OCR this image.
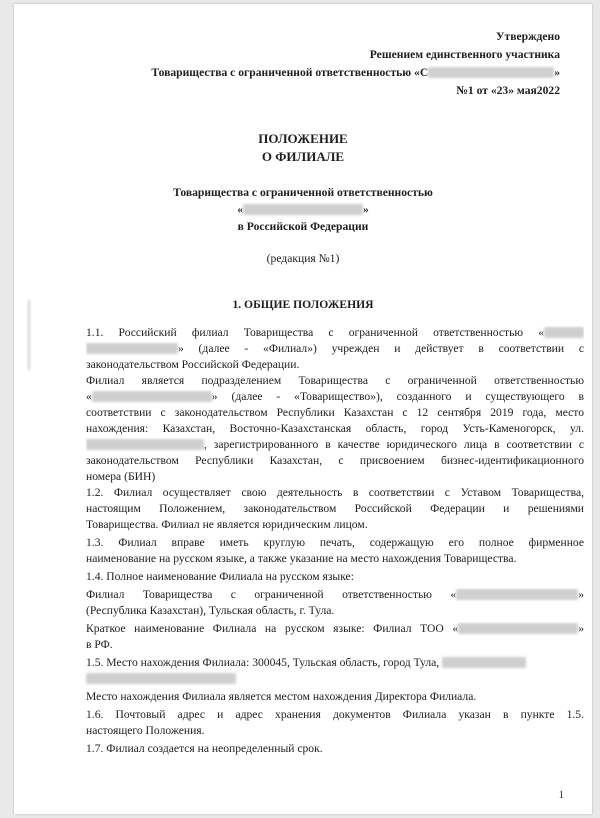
Утверждено
Решением единственного участника
Товарищества с ограниченной ответственностью «С	»
№1 от «23» мая2022
ПОЛОЖЕНИЕ
О ФИЛИАЛЕ
Товарищества с ограниченной ответственностью
«	»
в Российской Федерации
(редакция №1)
1. ОБЩИЕ ПОЛОЖЕНИЯ
1.1. Российский филиал Товарищества с ограниченной ответственностью «
» (далее - «Филиал») учрежден и действует в соответствии с
законодательством Российской Федерации.
Филиал является подразделением Товарищества с ограниченной ответственностью
«	» (далее - «Товарищество»), созданного и существующего в
соответствии с законодательством Республики Казахстан с 12 сентября 2019 года, место
нахождения: Казахстан, Восточно-Казахстанская область, город Усть-Каменогорск, ул.
, зарегистрированного в качестве юридического лица в соответствии с
законодательством Республики Казахстан, с присвоением бизнес-идентификационного
номера (БИН)
1.2. Филиал осуществляет свою деятельность в соответствии с Уставом Товарищества,
настоящим Положением, законодательством Российской Федерации и решениями
Товарищества. Филиал не является юридическим лицом.
1.3. Филиал вправе иметь круглую печать, содержащую его полное фирменное
наименование на русском языке, а также указание на место нахождения Товарищества.
1.4. Полное наименование Филиала на русском языке:
Филиал Товарищества с ограниченной ответственностью «	»
(Республика Казахстан), Тульская область, г. Тула.
Краткое наименование Филиала на русском языке: Филиал ТОО «	»
в РФ.
1.5. Место нахождения Филиала: 300045, Тульская область, город Тула,
Место нахождения Филиала является местом нахождения Директора Филиала.
1.6. Почтовый адрес и адрес хранения документов Филиала указан в пункте 1.5.
настоящего Положения.
1.7. Филиал создается на неопределенный срок.
1
